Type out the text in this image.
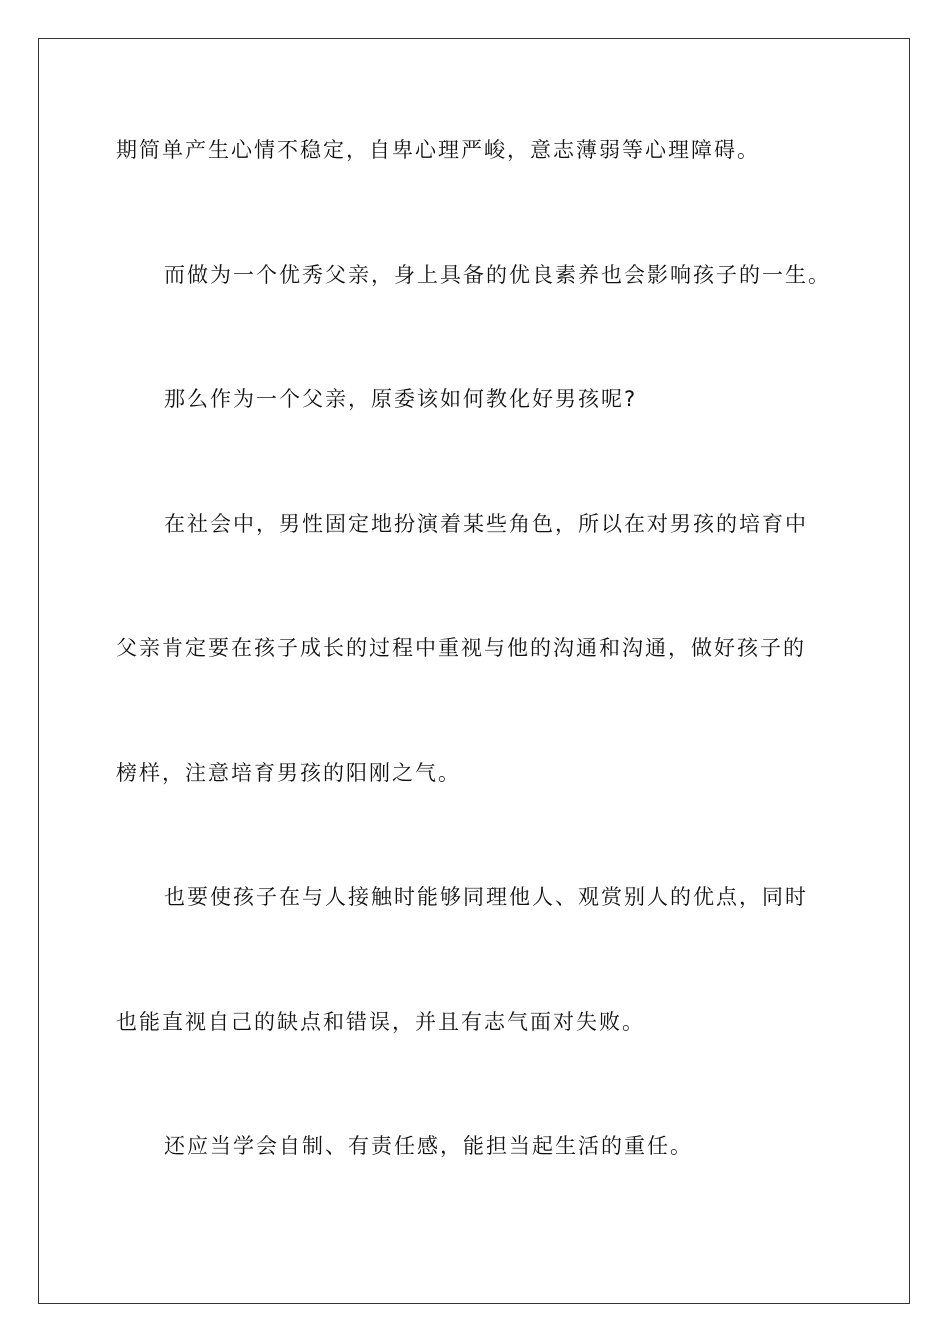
期简单产生心情不稳定，自卑心理严峻，意志薄弱等心理障碍。
而做为一个优秀父亲，身上具备的优良素养也会影响孩子的一生。
那么作为一个父亲，原委该如何教化好男孩呢?
在社会中，男性固定地扮演着某些角色，所以在对男孩的培育中
父亲肯定要在孩子成长的过程中重视与他的沟通和沟通，做好孩子的
榜样，注意培育男孩的阳刚之气。
也要使孩子在与人接触时能够同理他人、观赏别人的优点，同时
也能直视自己的缺点和错误，并且有志气面对失败。
还应当学会自制、有责任感，能担当起生活的重任。
